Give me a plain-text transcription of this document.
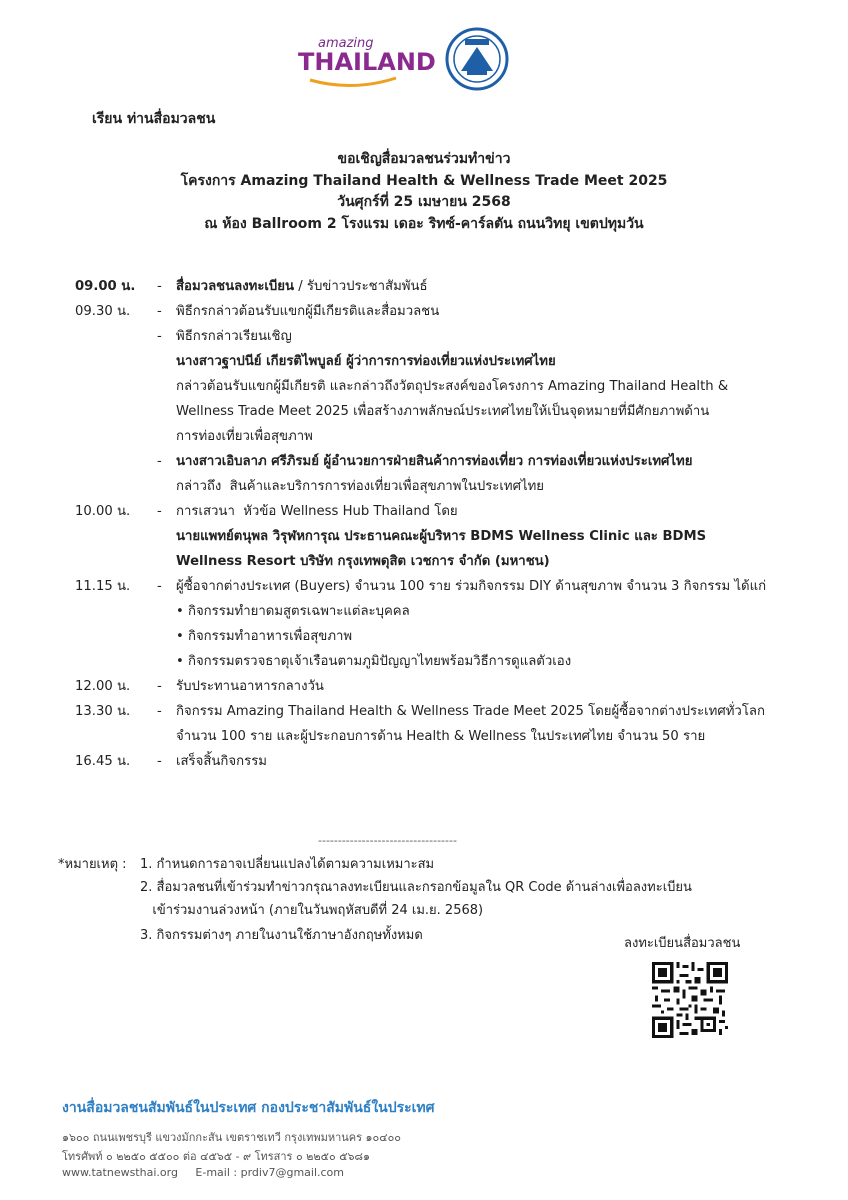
amazing
THAILAND
เรียน ท่านสื่อมวลชน
ขอเชิญสื่อมวลชนร่วมทำข่าว
โครงการ Amazing Thailand Health & Wellness Trade Meet 2025
วันศุกร์ที่ 25 เมษายน 2568
ณ ห้อง Ballroom 2 โรงแรม เดอะ ริทซ์-คาร์ลตัน ถนนวิทยุ เขตปทุมวัน
09.00 น. - สื่อมวลชนลงทะเบียน / รับข่าวประชาสัมพันธ์
09.30 น. - พิธีกรกล่าวต้อนรับแขกผู้มีเกียรติและสื่อมวลชน
- พิธีกรกล่าวเรียนเชิญ
นางสาวฐาปนีย์ เกียรติไพบูลย์ ผู้ว่าการการท่องเที่ยวแห่งประเทศไทย
กล่าวต้อนรับแขกผู้มีเกียรติ และกล่าวถึงวัตถุประสงค์ของโครงการ Amazing Thailand Health &
Wellness Trade Meet 2025 เพื่อสร้างภาพลักษณ์ประเทศไทยให้เป็นจุดหมายที่มีศักยภาพด้าน
การท่องเที่ยวเพื่อสุขภาพ
- นางสาวเอิบลาภ ศรีภิรมย์ ผู้อำนวยการฝ่ายสินค้าการท่องเที่ยว การท่องเที่ยวแห่งประเทศไทย
กล่าวถึง  สินค้าและบริการการท่องเที่ยวเพื่อสุขภาพในประเทศไทย
10.00 น. - การเสวนา  หัวข้อ Wellness Hub Thailand โดย
นายแพทย์ตนุพล วิรุฬหการุณ ประธานคณะผู้บริหาร BDMS Wellness Clinic และ BDMS
Wellness Resort บริษัท กรุงเทพดุสิต เวชการ จำกัด (มหาชน)
11.15 น. - ผู้ซื้อจากต่างประเทศ (Buyers) จำนวน 100 ราย ร่วมกิจกรรม DIY ด้านสุขภาพ จำนวน 3 กิจกรรม ได้แก่
• กิจกรรมทำยาดมสูตรเฉพาะแต่ละบุคคล
• กิจกรรมทำอาหารเพื่อสุขภาพ
• กิจกรรมตรวจธาตุเจ้าเรือนตามภูมิปัญญาไทยพร้อมวิธีการดูแลตัวเอง
12.00 น. - รับประทานอาหารกลางวัน
13.30 น. - กิจกรรม Amazing Thailand Health & Wellness Trade Meet 2025 โดยผู้ซื้อจากต่างประเทศทั่วโลก
จำนวน 100 ราย และผู้ประกอบการด้าน Health & Wellness ในประเทศไทย จำนวน 50 ราย
16.45 น. - เสร็จสิ้นกิจกรรม
-----------------------------------
*หมายเหตุ : 1. กำหนดการอาจเปลี่ยนแปลงได้ตามความเหมาะสม
2. สื่อมวลชนที่เข้าร่วมทำข่าวกรุณาลงทะเบียนและกรอกข้อมูลใน QR Code ด้านล่างเพื่อลงทะเบียน
เข้าร่วมงานล่วงหน้า (ภายในวันพฤหัสบดีที่ 24 เม.ย. 2568)
3. กิจกรรมต่างๆ ภายในงานใช้ภาษาอังกฤษทั้งหมด
ลงทะเบียนสื่อมวลชน
งานสื่อมวลชนสัมพันธ์ในประเทศ กองประชาสัมพันธ์ในประเทศ
๑๖๐๐ ถนนเพชรบุรี แขวงมักกะสัน เขตราชเทวี กรุงเทพมหานคร ๑๐๔๐๐
โทรศัพท์ ๐ ๒๒๕๐ ๕๕๐๐ ต่อ ๔๕๖๕ - ๙ โทรสาร ๐ ๒๒๕๐ ๕๖๘๑
www.tatnewsthai.org     E-mail : prdiv7@gmail.com
